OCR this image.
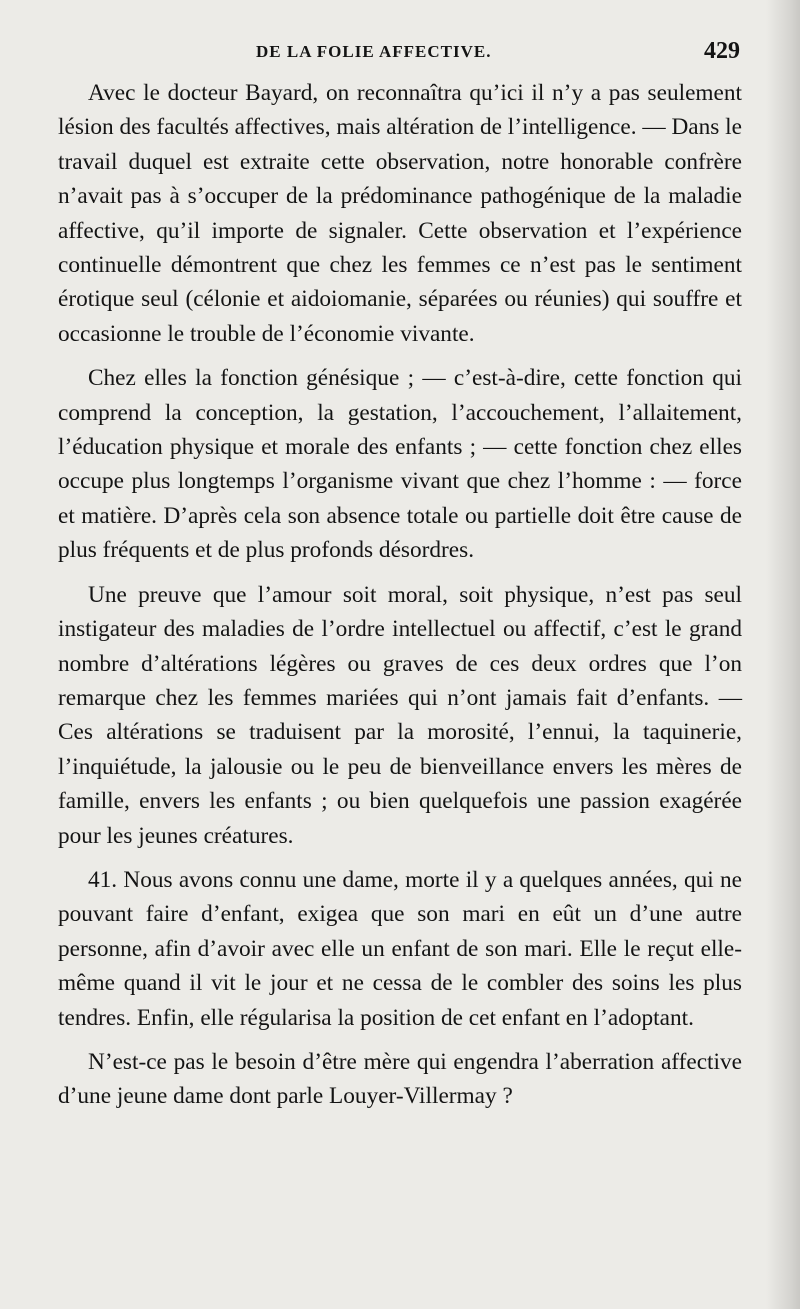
DE LA FOLIE AFFECTIVE.	429

Avec le docteur Bayard, on reconnaîtra qu’ici il n’y a pas seulement lésion des facultés affectives, mais altération de l’intelligence. — Dans le travail duquel est extraite cette observation, notre honorable confrère n’avait pas à s’occuper de la prédominance pathogénique de la maladie affective, qu’il importe de signaler. Cette observation et l’expérience continuelle démontrent que chez les femmes ce n’est pas le sentiment érotique seul (célonie et aidoiomanie, séparées ou réunies) qui souffre et occasionne le trouble de l’économie vivante.

Chez elles la fonction génésique ; — c’est-à-dire, cette fonction qui comprend la conception, la gestation, l’accouchement, l’allaitement, l’éducation physique et morale des enfants ; — cette fonction chez elles occupe plus longtemps l’organisme vivant que chez l’homme : — force et matière. D’après cela son absence totale ou partielle doit être cause de plus fréquents et de plus profonds désordres.

Une preuve que l’amour soit moral, soit physique, n’est pas seul instigateur des maladies de l’ordre intellectuel ou affectif, c’est le grand nombre d’altérations légères ou graves de ces deux ordres que l’on remarque chez les femmes mariées qui n’ont jamais fait d’enfants. — Ces altérations se traduisent par la morosité, l’ennui, la taquinerie, l’inquiétude, la jalousie ou le peu de bienveillance envers les mères de famille, envers les enfants ; ou bien quelquefois une passion exagérée pour les jeunes créatures.

41. Nous avons connu une dame, morte il y a quelques années, qui ne pouvant faire d’enfant, exigea que son mari en eût un d’une autre personne, afin d’avoir avec elle un enfant de son mari. Elle le reçut elle-même quand il vit le jour et ne cessa de le combler des soins les plus tendres. Enfin, elle régularisa la position de cet enfant en l’adoptant.

N’est-ce pas le besoin d’être mère qui engendra l’aberration affective d’une jeune dame dont parle Louyer-Villermay ?
